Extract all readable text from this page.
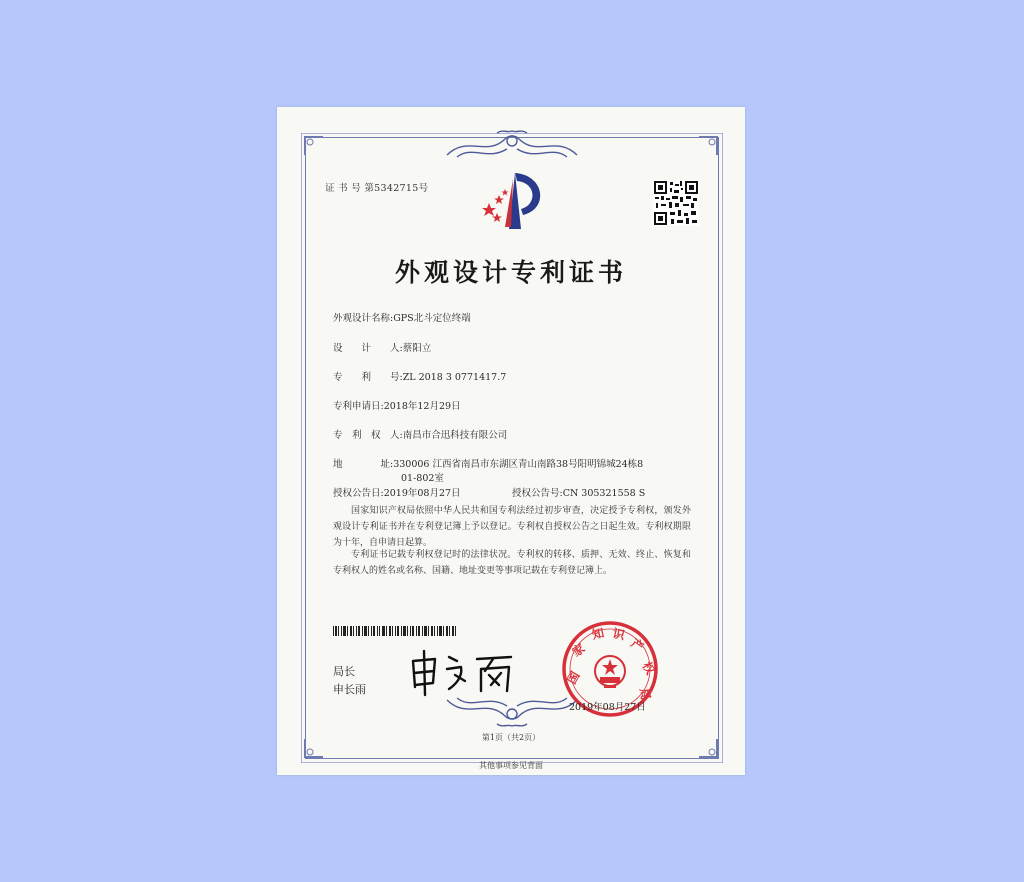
证 书 号 第5342715号
外观设计专利证书
外观设计名称:GPS北斗定位终端
设　　计　　人:蔡阳立
专　　利　　号:ZL 2018 3 0771417.7
专利申请日:2018年12月29日
专　利　权　人:南昌市合迅科技有限公司
地　　　　址:330006 江西省南昌市东湖区青山南路38号阳明锦城24栋8
01-802室
授权公告日:2019年08月27日	授权公告号:CN 305321558 S
国家知识产权局依照中华人民共和国专利法经过初步审查，决定授予专利权，颁发外观设计专利证书并在专利登记簿上予以登记。专利权自授权公告之日起生效。专利权期限为十年，自申请日起算。
专利证书记载专利权登记时的法律状况。专利权的转移、质押、无效、终止、恢复和专利权人的姓名或名称、国籍、地址变更等事项记载在专利登记簿上。
局长
申长雨
国
家
知 识
产
权
局
2019年08月27日
第1页（共2页）
其他事项参见背面
